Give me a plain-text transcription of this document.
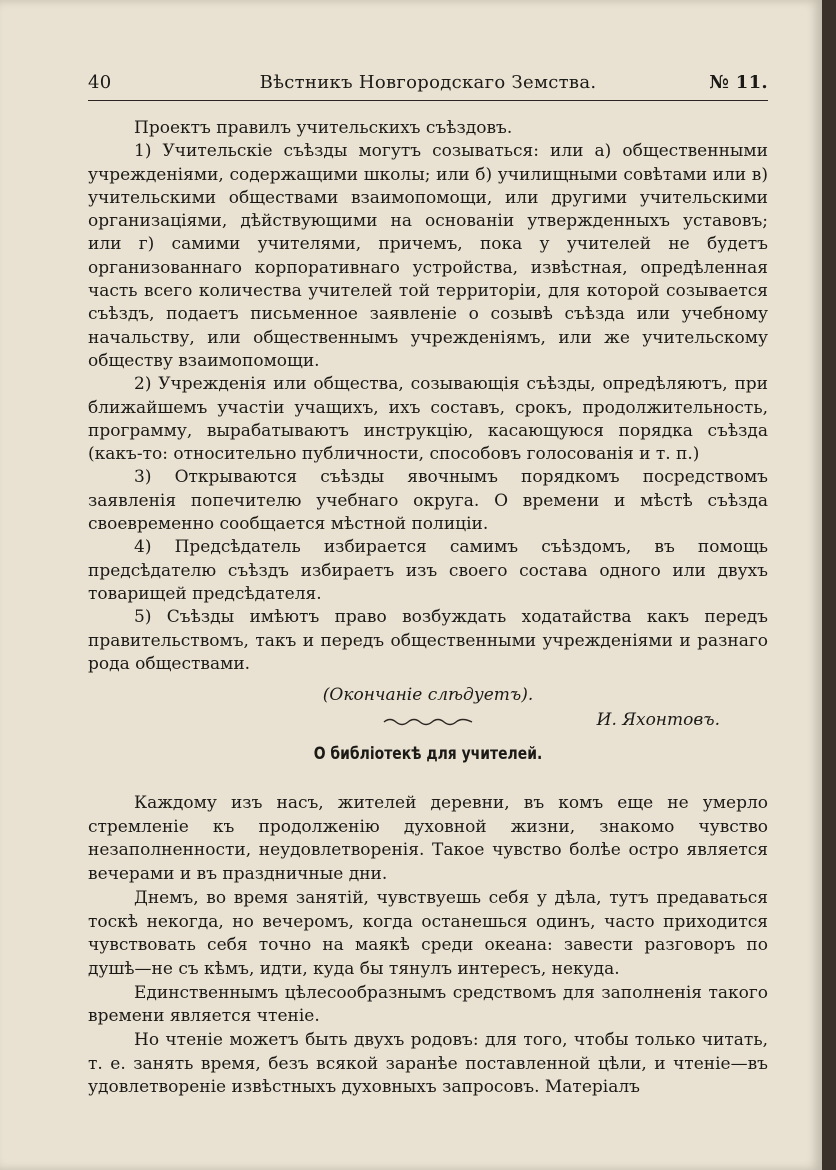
40	Вѣстникъ Новгородскаго Земства.	№ 11.

Проектъ правилъ учительскихъ съѣздовъ.

1) Учительскіе съѣзды могутъ созываться: или а) общественными учрежденіями, содержащими школы; или б) училищными совѣтами или в) учительскими обществами взаимопомощи, или другими учительскими организаціями, дѣйствующими на основаніи утвержденныхъ уставовъ; или г) самими учителями, причемъ, пока у учителей не будетъ организованнаго корпоративнаго устройства, извѣстная, опредѣленная часть всего количества учителей той территоріи, для которой созывается съѣздъ, подаетъ письменное заявленіе о созывѣ съѣзда или учебному начальству, или общественнымъ учрежденіямъ, или же учительскому обществу взаимопомощи.

2) Учрежденія или общества, созывающія съѣзды, опредѣляютъ, при ближайшемъ участіи учащихъ, ихъ составъ, срокъ, продолжительность, программу, вырабатываютъ инструкцію, касающуюся порядка съѣзда (какъ-то: относительно публичности, способовъ голосованія и т. п.)

3) Открываются съѣзды явочнымъ порядкомъ посредствомъ заявленія попечителю учебнаго округа. О времени и мѣстѣ съѣзда своевременно сообщается мѣстной полиціи.

4) Предсѣдатель избирается самимъ съѣздомъ, въ помощь предсѣдателю съѣздъ избираетъ изъ своего состава одного или двухъ товарищей предсѣдателя.

5) Съѣзды имѣютъ право возбуждать ходатайства какъ передъ правительствомъ, такъ и передъ общественными учрежденіями и разнаго рода обществами.

(Окончаніе слѣдуетъ).

И. Яхонтовъ.

О библіотекѣ для учителей.

Каждому изъ насъ, жителей деревни, въ комъ еще не умерло стремленіе къ продолженію духовной жизни, знакомо чувство незаполненности, неудовлетворенія. Такое чувство болѣе остро является вечерами и въ праздничные дни.

Днемъ, во время занятій, чувствуешь себя у дѣла, тутъ предаваться тоскѣ некогда, но вечеромъ, когда останешься одинъ, часто приходится чувствовать себя точно на маякѣ среди океана: завести разговоръ по душѣ—не съ кѣмъ, идти, куда бы тянулъ интересъ, некуда.

Единственнымъ цѣлесообразнымъ средствомъ для заполненія такого времени является чтеніе.

Но чтеніе можетъ быть двухъ родовъ: для того, чтобы только читать, т. е. занять время, безъ всякой заранѣе поставленной цѣли, и чтеніе—въ удовлетвореніе извѣстныхъ духовныхъ запросовъ. Матеріалъ
